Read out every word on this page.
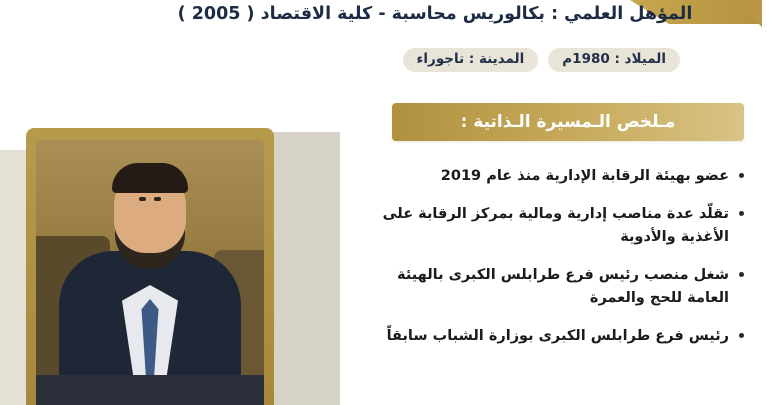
المؤهل العلمي : بكالوريس محاسبة - كلية الاقتصاد ( 2005 )
الميلاد : 1980م
المدينة : تاجوراء
مـلخص الـمسيرة الـذاتية :
عضو بهيئة الرقابة الإدارية منذ عام 2019
تقلّد عدة مناصب إدارية ومالية بمركز الرقابة على الأغذية والأدوية
شغل منصب رئيس فرع طرابلس الكبرى بالهيئة العامة للحج والعمرة
رئيس فرع طرابلس الكبرى بوزارة الشباب سابقاً
